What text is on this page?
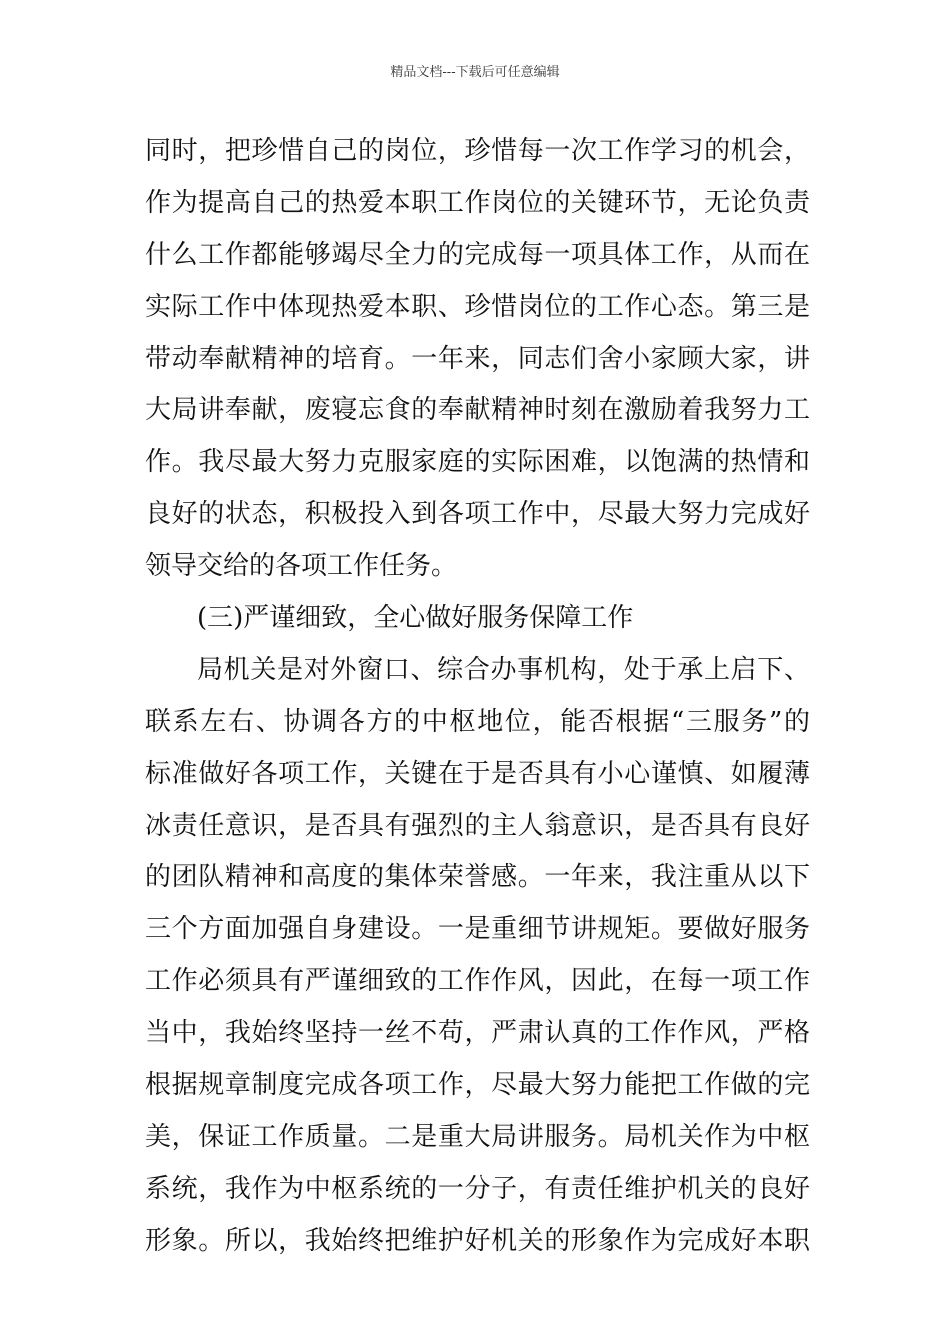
精品文档---下载后可任意编辑
同时，把珍惜自己的岗位，珍惜每一次工作学习的机会，
作为提高自己的热爱本职工作岗位的关键环节，无论负责
什么工作都能够竭尽全力的完成每一项具体工作，从而在
实际工作中体现热爱本职、珍惜岗位的工作心态。第三是
带动奉献精神的培育。一年来，同志们舍小家顾大家，讲
大局讲奉献，废寝忘食的奉献精神时刻在激励着我努力工
作。我尽最大努力克服家庭的实际困难，以饱满的热情和
良好的状态，积极投入到各项工作中，尽最大努力完成好
领导交给的各项工作任务。
(三)严谨细致，全心做好服务保障工作
局机关是对外窗口、综合办事机构，处于承上启下、
联系左右、协调各方的中枢地位，能否根据“三服务”的
标准做好各项工作，关键在于是否具有小心谨慎、如履薄
冰责任意识，是否具有强烈的主人翁意识，是否具有良好
的团队精神和高度的集体荣誉感。一年来，我注重从以下
三个方面加强自身建设。一是重细节讲规矩。要做好服务
工作必须具有严谨细致的工作作风，因此，在每一项工作
当中，我始终坚持一丝不苟，严肃认真的工作作风，严格
根据规章制度完成各项工作，尽最大努力能把工作做的完
美，保证工作质量。二是重大局讲服务。局机关作为中枢
系统，我作为中枢系统的一分子，有责任维护机关的良好
形象。所以，我始终把维护好机关的形象作为完成好本职
